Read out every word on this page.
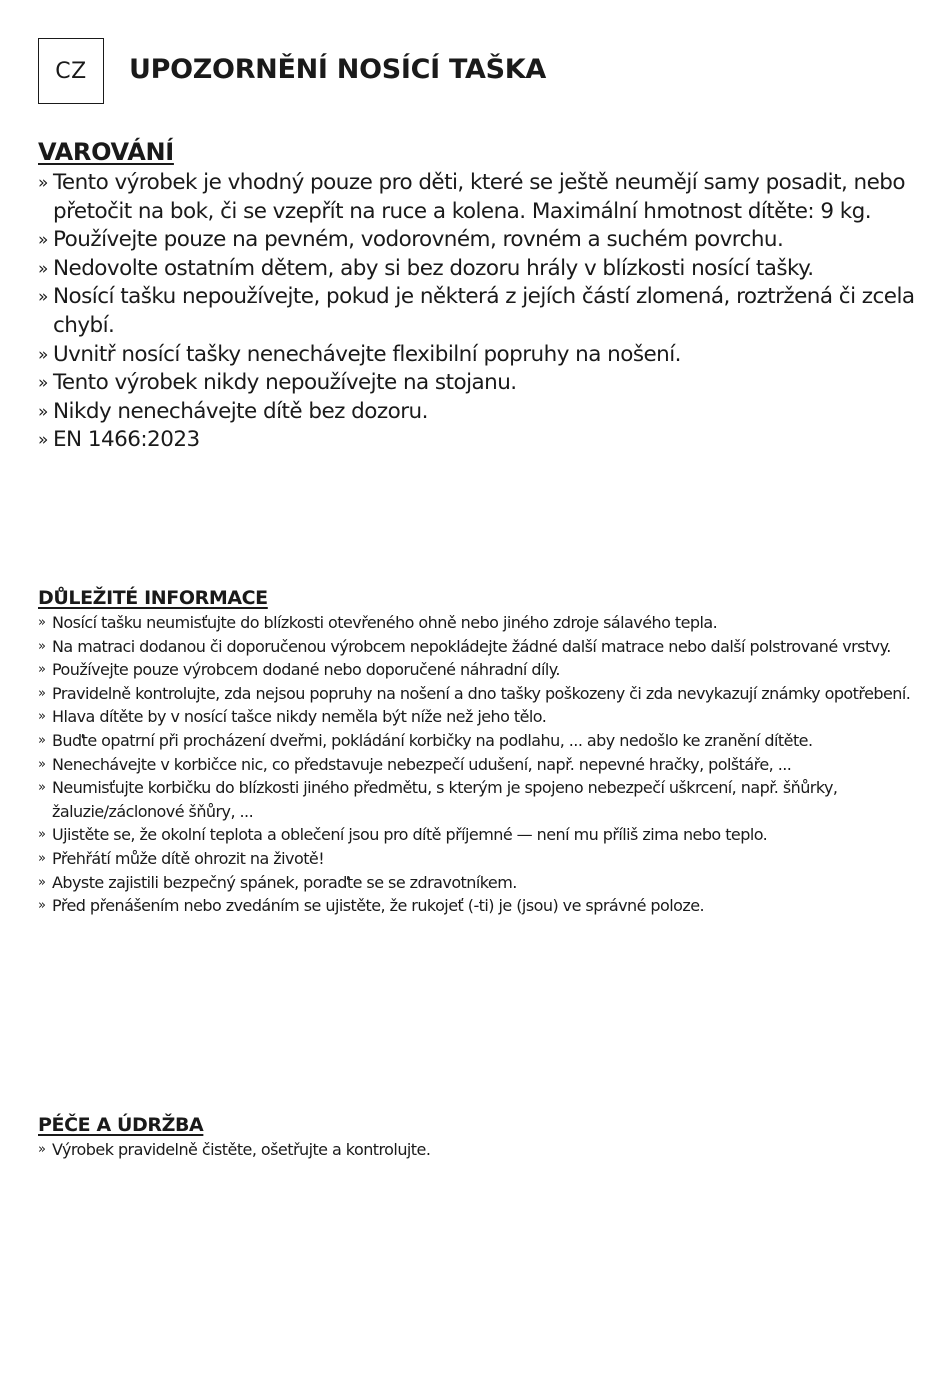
CZ UPOZORNĚNÍ NOSÍCÍ TAŠKA
VAROVÁNÍ
» Tento výrobek je vhodný pouze pro děti, které se ještě neumějí samy posadit, nebo přetočit na bok, či se vzepřít na ruce a kolena. Maximální hmotnost dítěte: 9 kg.
» Používejte pouze na pevném, vodorovném, rovném a suchém povrchu.
» Nedovolte ostatním dětem, aby si bez dozoru hrály v blízkosti nosící tašky.
» Nosící tašku nepoužívejte, pokud je některá z jejích částí zlomená, roztržená či zcela chybí.
» Uvnitř nosící tašky nenechávejte flexibilní popruhy na nošení.
» Tento výrobek nikdy nepoužívejte na stojanu.
» Nikdy nenechávejte dítě bez dozoru.
» EN 1466:2023
DŮLEŽITÉ INFORMACE
» Nosící tašku neumisťujte do blízkosti otevřeného ohně nebo jiného zdroje sálavého tepla.
» Na matraci dodanou či doporučenou výrobcem nepokládejte žádné další matrace nebo další polstrované vrstvy.
» Používejte pouze výrobcem dodané nebo doporučené náhradní díly.
» Pravidelně kontrolujte, zda nejsou popruhy na nošení a dno tašky poškozeny či zda nevykazují známky opotřebení.
» Hlava dítěte by v nosící tašce nikdy neměla být níže než jeho tělo.
» Buďte opatrní při procházení dveřmi, pokládání korbičky na podlahu, ... aby nedošlo ke zranění dítěte.
» Nenechávejte v korbičce nic, co představuje nebezpečí udušení, např. nepevné hračky, polštáře, ...
» Neumisťujte korbičku do blízkosti jiného předmětu, s kterým je spojeno nebezpečí uškrcení, např. šňůrky, žaluzie/záclonové šňůry, ...
» Ujistěte se, že okolní teplota a oblečení jsou pro dítě příjemné — není mu příliš zima nebo teplo.
» Přehřátí může dítě ohrozit na životě!
» Abyste zajistili bezpečný spánek, poraďte se se zdravotníkem.
» Před přenášením nebo zvedáním se ujistěte, že rukojeť (-ti) je (jsou) ve správné poloze.
PÉČE A ÚDRŽBA
» Výrobek pravidelně čistěte, ošetřujte a kontrolujte.
